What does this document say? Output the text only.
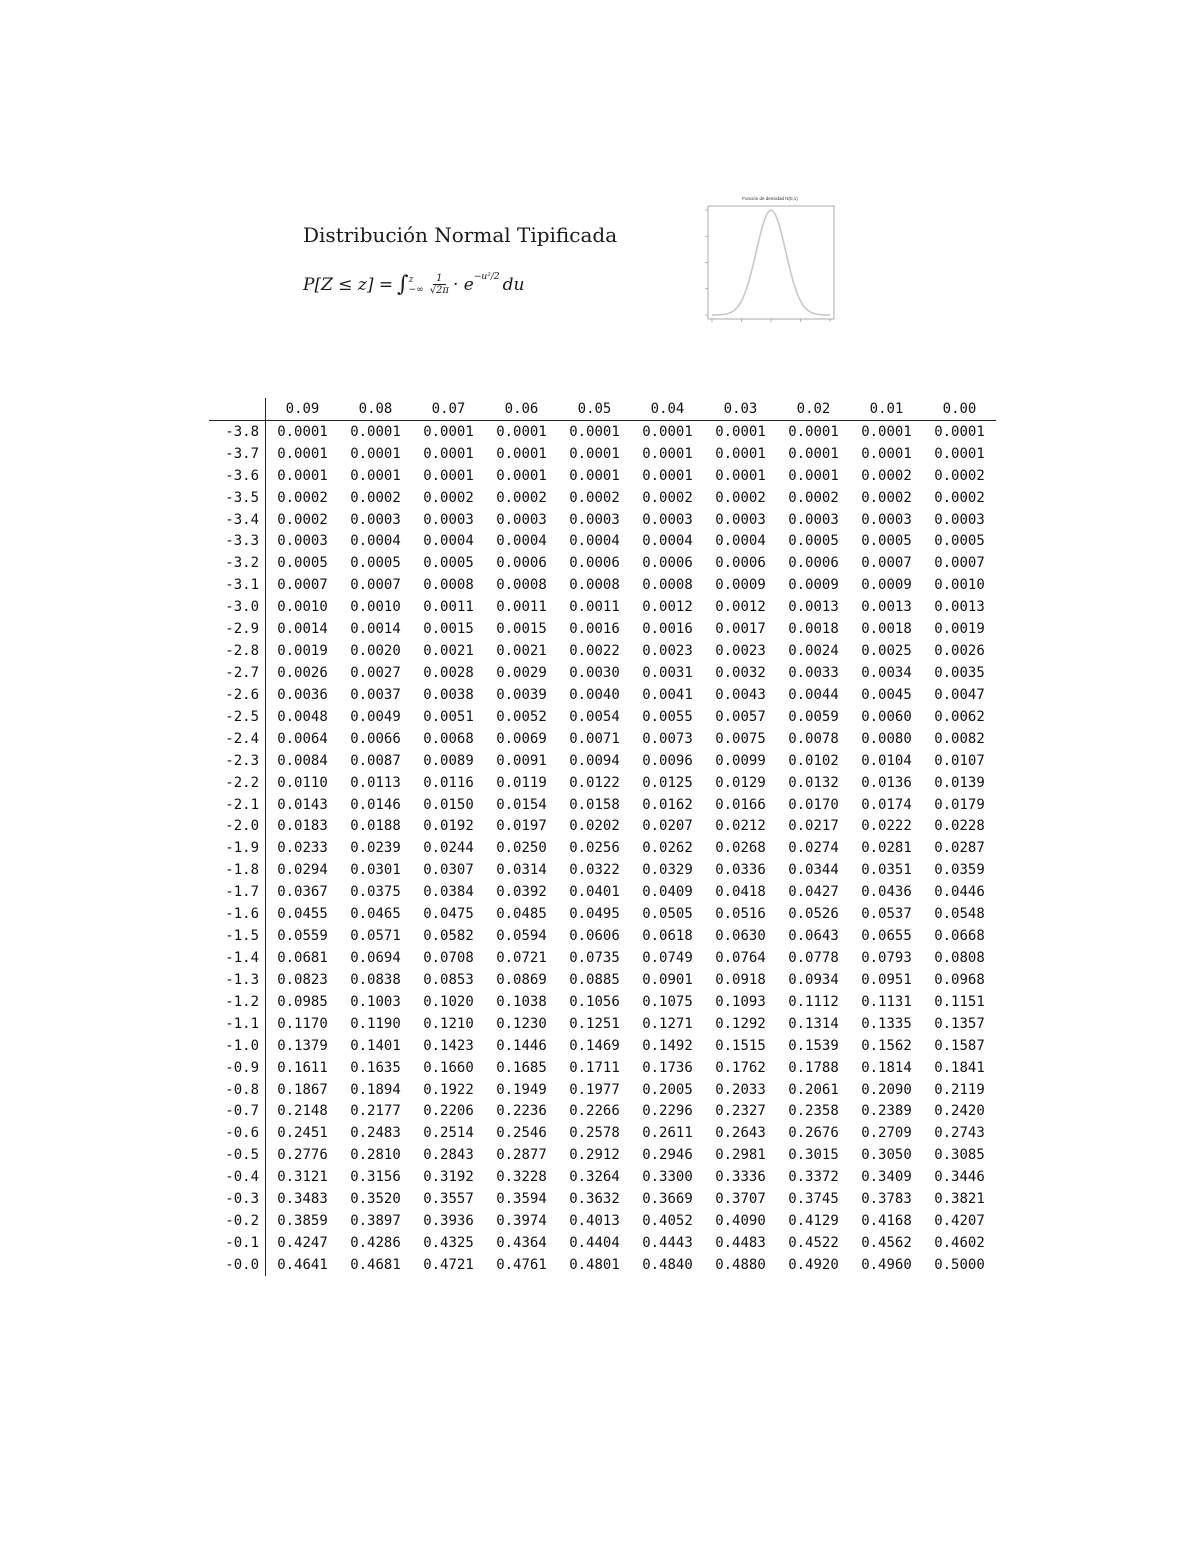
Distribución Normal Tipificada
P[Z ≤ z] = ∫ z
−∞ $\frac{1}{√2\pi} \cdot e^{-u^2/2}$ du
Función de densidad N(0,1)
	0.09	0.08	0.07	0.06	0.05	0.04	0.03	0.02	0.01	0.00
-3.8	0.0001	0.0001	0.0001	0.0001	0.0001	0.0001	0.0001	0.0001	0.0001	0.0001
-3.7	0.0001	0.0001	0.0001	0.0001	0.0001	0.0001	0.0001	0.0001	0.0001	0.0001
-3.6	0.0001	0.0001	0.0001	0.0001	0.0001	0.0001	0.0001	0.0001	0.0002	0.0002
-3.5	0.0002	0.0002	0.0002	0.0002	0.0002	0.0002	0.0002	0.0002	0.0002	0.0002
-3.4	0.0002	0.0003	0.0003	0.0003	0.0003	0.0003	0.0003	0.0003	0.0003	0.0003
-3.3	0.0003	0.0004	0.0004	0.0004	0.0004	0.0004	0.0004	0.0005	0.0005	0.0005
-3.2	0.0005	0.0005	0.0005	0.0006	0.0006	0.0006	0.0006	0.0006	0.0007	0.0007
-3.1	0.0007	0.0007	0.0008	0.0008	0.0008	0.0008	0.0009	0.0009	0.0009	0.0010
-3.0	0.0010	0.0010	0.0011	0.0011	0.0011	0.0012	0.0012	0.0013	0.0013	0.0013
-2.9	0.0014	0.0014	0.0015	0.0015	0.0016	0.0016	0.0017	0.0018	0.0018	0.0019
-2.8	0.0019	0.0020	0.0021	0.0021	0.0022	0.0023	0.0023	0.0024	0.0025	0.0026
-2.7	0.0026	0.0027	0.0028	0.0029	0.0030	0.0031	0.0032	0.0033	0.0034	0.0035
-2.6	0.0036	0.0037	0.0038	0.0039	0.0040	0.0041	0.0043	0.0044	0.0045	0.0047
-2.5	0.0048	0.0049	0.0051	0.0052	0.0054	0.0055	0.0057	0.0059	0.0060	0.0062
-2.4	0.0064	0.0066	0.0068	0.0069	0.0071	0.0073	0.0075	0.0078	0.0080	0.0082
-2.3	0.0084	0.0087	0.0089	0.0091	0.0094	0.0096	0.0099	0.0102	0.0104	0.0107
-2.2	0.0110	0.0113	0.0116	0.0119	0.0122	0.0125	0.0129	0.0132	0.0136	0.0139
-2.1	0.0143	0.0146	0.0150	0.0154	0.0158	0.0162	0.0166	0.0170	0.0174	0.0179
-2.0	0.0183	0.0188	0.0192	0.0197	0.0202	0.0207	0.0212	0.0217	0.0222	0.0228
-1.9	0.0233	0.0239	0.0244	0.0250	0.0256	0.0262	0.0268	0.0274	0.0281	0.0287
-1.8	0.0294	0.0301	0.0307	0.0314	0.0322	0.0329	0.0336	0.0344	0.0351	0.0359
-1.7	0.0367	0.0375	0.0384	0.0392	0.0401	0.0409	0.0418	0.0427	0.0436	0.0446
-1.6	0.0455	0.0465	0.0475	0.0485	0.0495	0.0505	0.0516	0.0526	0.0537	0.0548
-1.5	0.0559	0.0571	0.0582	0.0594	0.0606	0.0618	0.0630	0.0643	0.0655	0.0668
-1.4	0.0681	0.0694	0.0708	0.0721	0.0735	0.0749	0.0764	0.0778	0.0793	0.0808
-1.3	0.0823	0.0838	0.0853	0.0869	0.0885	0.0901	0.0918	0.0934	0.0951	0.0968
-1.2	0.0985	0.1003	0.1020	0.1038	0.1056	0.1075	0.1093	0.1112	0.1131	0.1151
-1.1	0.1170	0.1190	0.1210	0.1230	0.1251	0.1271	0.1292	0.1314	0.1335	0.1357
-1.0	0.1379	0.1401	0.1423	0.1446	0.1469	0.1492	0.1515	0.1539	0.1562	0.1587
-0.9	0.1611	0.1635	0.1660	0.1685	0.1711	0.1736	0.1762	0.1788	0.1814	0.1841
-0.8	0.1867	0.1894	0.1922	0.1949	0.1977	0.2005	0.2033	0.2061	0.2090	0.2119
-0.7	0.2148	0.2177	0.2206	0.2236	0.2266	0.2296	0.2327	0.2358	0.2389	0.2420
-0.6	0.2451	0.2483	0.2514	0.2546	0.2578	0.2611	0.2643	0.2676	0.2709	0.2743
-0.5	0.2776	0.2810	0.2843	0.2877	0.2912	0.2946	0.2981	0.3015	0.3050	0.3085
-0.4	0.3121	0.3156	0.3192	0.3228	0.3264	0.3300	0.3336	0.3372	0.3409	0.3446
-0.3	0.3483	0.3520	0.3557	0.3594	0.3632	0.3669	0.3707	0.3745	0.3783	0.3821
-0.2	0.3859	0.3897	0.3936	0.3974	0.4013	0.4052	0.4090	0.4129	0.4168	0.4207
-0.1	0.4247	0.4286	0.4325	0.4364	0.4404	0.4443	0.4483	0.4522	0.4562	0.4602
-0.0	0.4641	0.4681	0.4721	0.4761	0.4801	0.4840	0.4880	0.4920	0.4960	0.5000
